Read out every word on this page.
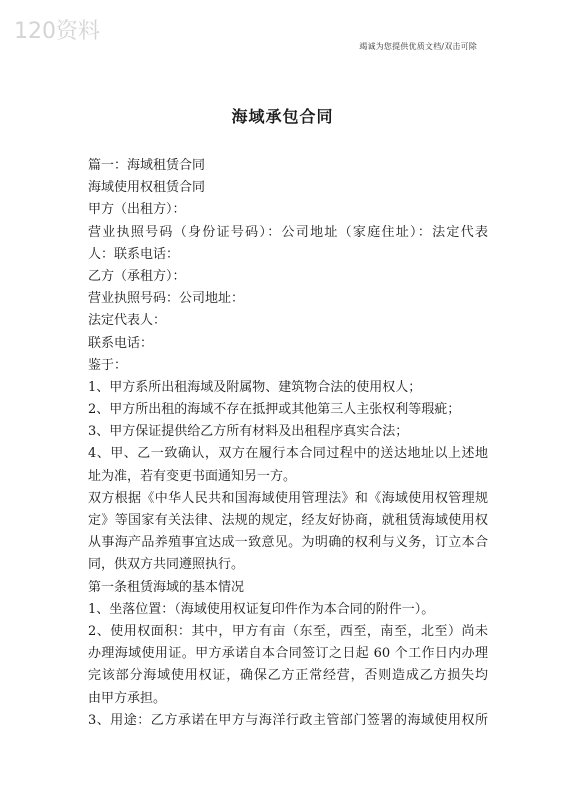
120资料
竭诚为您提供优质文档/双击可除
海域承包合同
篇一：海域租赁合同
海域使用权租赁合同
甲方（出租方）：
营业执照号码（身份证号码）：公司地址（家庭住址）：法定代表
人：联系电话：
乙方（承租方）：
营业执照号码：公司地址：
法定代表人：
联系电话：
鉴于：
1、甲方系所出租海域及附属物、建筑物合法的使用权人；
2、甲方所出租的海域不存在抵押或其他第三人主张权利等瑕疵；
3、甲方保证提供给乙方所有材料及出租程序真实合法；
4、甲、乙一致确认，双方在履行本合同过程中的送达地址以上述地
址为准，若有变更书面通知另一方。
双方根据《中华人民共和国海域使用管理法》和《海域使用权管理规
定》等国家有关法律、法规的规定，经友好协商，就租赁海域使用权
从事海产品养殖事宜达成一致意见。为明确的权利与义务，订立本合
同，供双方共同遵照执行。
第一条租赁海域的基本情况
1、坐落位置：（海域使用权证复印件作为本合同的附件一）。
2、使用权面积：其中，甲方有亩（东至，西至，南至，北至）尚未
办理海域使用证。甲方承诺自本合同签订之日起 60 个工作日内办理
完该部分海域使用权证，确保乙方正常经营，否则造成乙方损失均
由甲方承担。
3、用途：乙方承诺在甲方与海洋行政主管部门签署的海域使用权所
